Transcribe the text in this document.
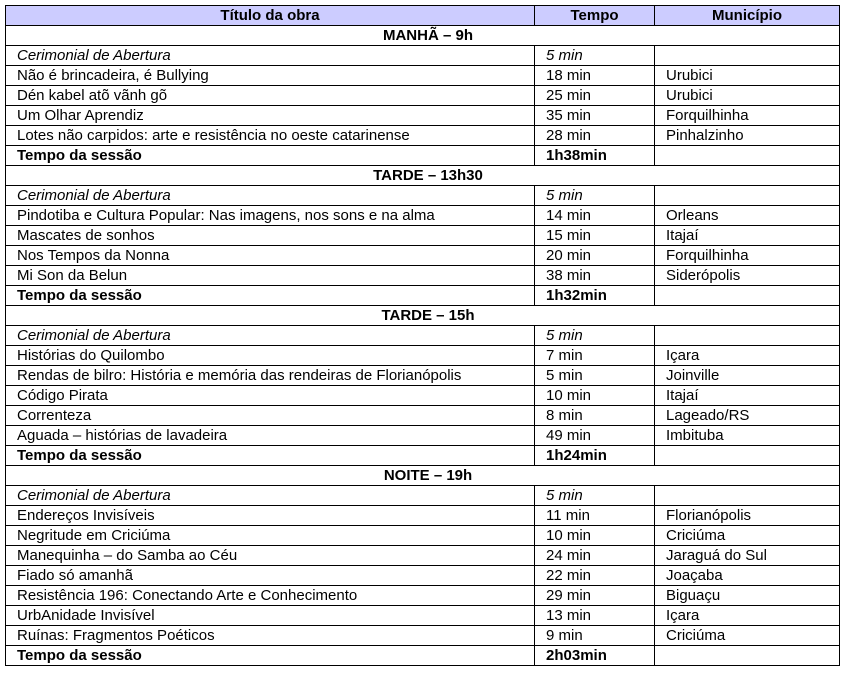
Título da obra	Tempo	Município
MANHÃ – 9h		
Cerimonial de Abertura	5 min	
Não é brincadeira, é Bullying	18 min	Urubici
Dén kabel atõ vãnh gõ	25 min	Urubici
Um Olhar Aprendiz	35 min	Forquilhinha
Lotes não carpidos: arte e resistência no oeste catarinense	28 min	Pinhalzinho
Tempo da sessão	1h38min	
TARDE – 13h30		
Cerimonial de Abertura	5 min	
Pindotiba e Cultura Popular: Nas imagens, nos sons e na alma	14 min	Orleans
Mascates de sonhos	15 min	Itajaí
Nos Tempos da Nonna	20 min	Forquilhinha
Mi Son da Belun	38 min	Siderópolis
Tempo da sessão	1h32min	
TARDE – 15h		
Cerimonial de Abertura	5 min	
Histórias do Quilombo	7 min	Içara
Rendas de bilro: História e memória das rendeiras de Florianópolis	5 min	Joinville
Código Pirata	10 min	Itajaí
Correnteza	8 min	Lageado/RS
Aguada – histórias de lavadeira	49 min	Imbituba
Tempo da sessão	1h24min	
NOITE – 19h		
Cerimonial de Abertura	5 min	
Endereços Invisíveis	11 min	Florianópolis
Negritude em Criciúma	10 min	Criciúma
Manequinha – do Samba ao Céu	24 min	Jaraguá do Sul
Fiado só amanhã	22 min	Joaçaba
Resistência 196: Conectando Arte e Conhecimento	29 min	Biguaçu
UrbAnidade Invisível	13 min	Içara
Ruínas: Fragmentos Poéticos	9 min	Criciúma
Tempo da sessão	2h03min	
